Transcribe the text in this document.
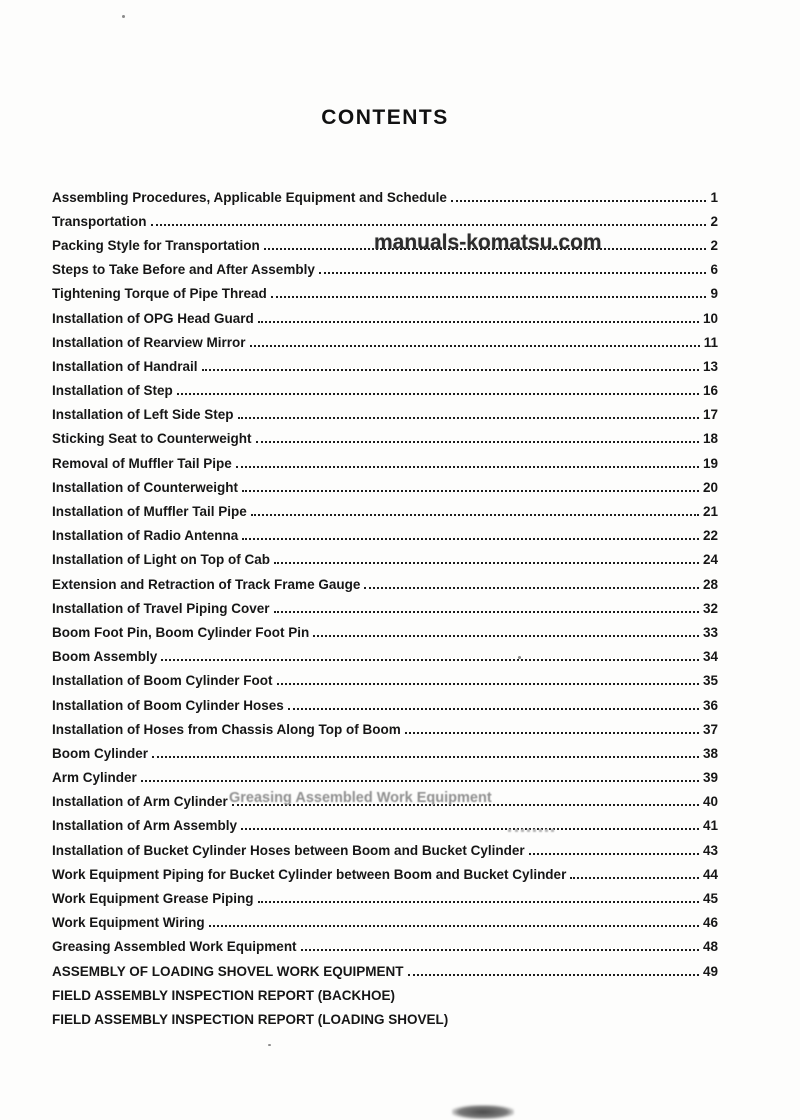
CONTENTS
Assembling Procedures, Applicable Equipment and Schedule	1
Transportation	2
Packing Style for Transportation	2
Steps to Take Before and After Assembly	6
Tightening Torque of Pipe Thread	9
Installation of OPG Head Guard	10
Installation of Rearview Mirror	11
Installation of Handrail	13
Installation of Step	16
Installation of Left Side Step	17
Sticking Seat to Counterweight	18
Removal of Muffler Tail Pipe	19
Installation of Counterweight	20
Installation of Muffler Tail Pipe	21
Installation of Radio Antenna	22
Installation of Light on Top of Cab	24
Extension and Retraction of Track Frame Gauge	28
Installation of Travel Piping Cover	32
Boom Foot Pin, Boom Cylinder Foot Pin	33
Boom Assembly	34
Installation of Boom Cylinder Foot	35
Installation of Boom Cylinder Hoses	36
Installation of Hoses from Chassis Along Top of Boom	37
Boom Cylinder	38
Arm Cylinder	39
Installation of Arm Cylinder	40
Installation of Arm Assembly	41
Installation of Bucket Cylinder Hoses between Boom and Bucket Cylinder	43
Work Equipment Piping for Bucket Cylinder between Boom and Bucket Cylinder	44
Work Equipment Grease Piping	45
Work Equipment Wiring	46
Greasing Assembled Work Equipment	48
ASSEMBLY OF LOADING SHOVEL WORK EQUIPMENT	49
FIELD ASSEMBLY INSPECTION REPORT (BACKHOE)
FIELD ASSEMBLY INSPECTION REPORT (LOADING SHOVEL)
manuals-komatsu.com
Greasing Assembled Work Equipment
